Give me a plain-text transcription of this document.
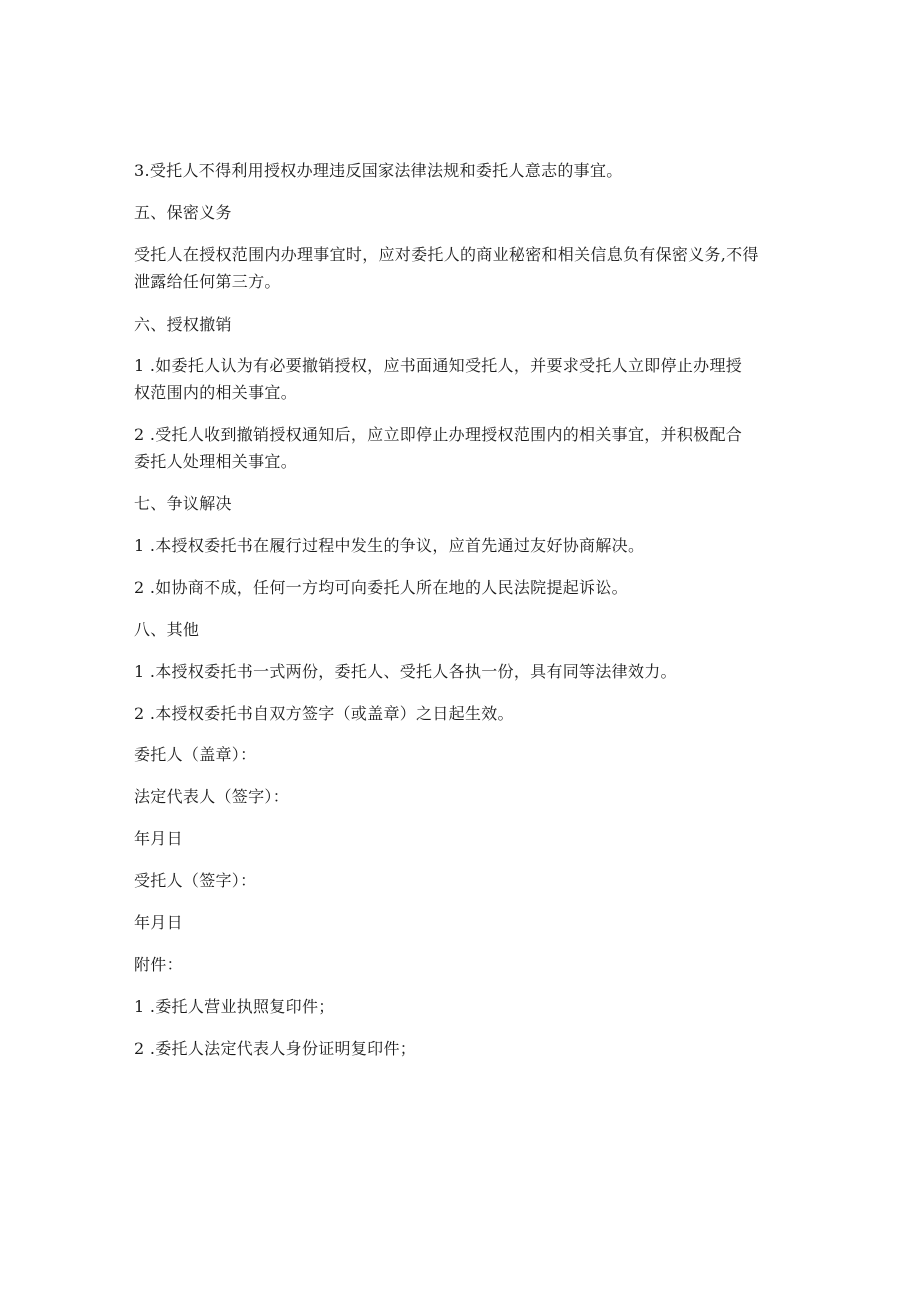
3.受托人不得利用授权办理违反国家法律法规和委托人意志的事宜。
五、保密义务
受托人在授权范围内办理事宜时，应对委托人的商业秘密和相关信息负有保密义务,不得
泄露给任何第三方。
六、授权撤销
1 .如委托人认为有必要撤销授权，应书面通知受托人，并要求受托人立即停止办理授
权范围内的相关事宜。
2 .受托人收到撤销授权通知后，应立即停止办理授权范围内的相关事宜，并积极配合
委托人处理相关事宜。
七、争议解决
1 .本授权委托书在履行过程中发生的争议，应首先通过友好协商解决。
2 .如协商不成，任何一方均可向委托人所在地的人民法院提起诉讼。
八、其他
1 .本授权委托书一式两份，委托人、受托人各执一份，具有同等法律效力。
2 .本授权委托书自双方签字（或盖章）之日起生效。
委托人（盖章）：
法定代表人（签字）：
年月日
受托人（签字）：
年月日
附件：
1 .委托人营业执照复印件；
2 .委托人法定代表人身份证明复印件；
